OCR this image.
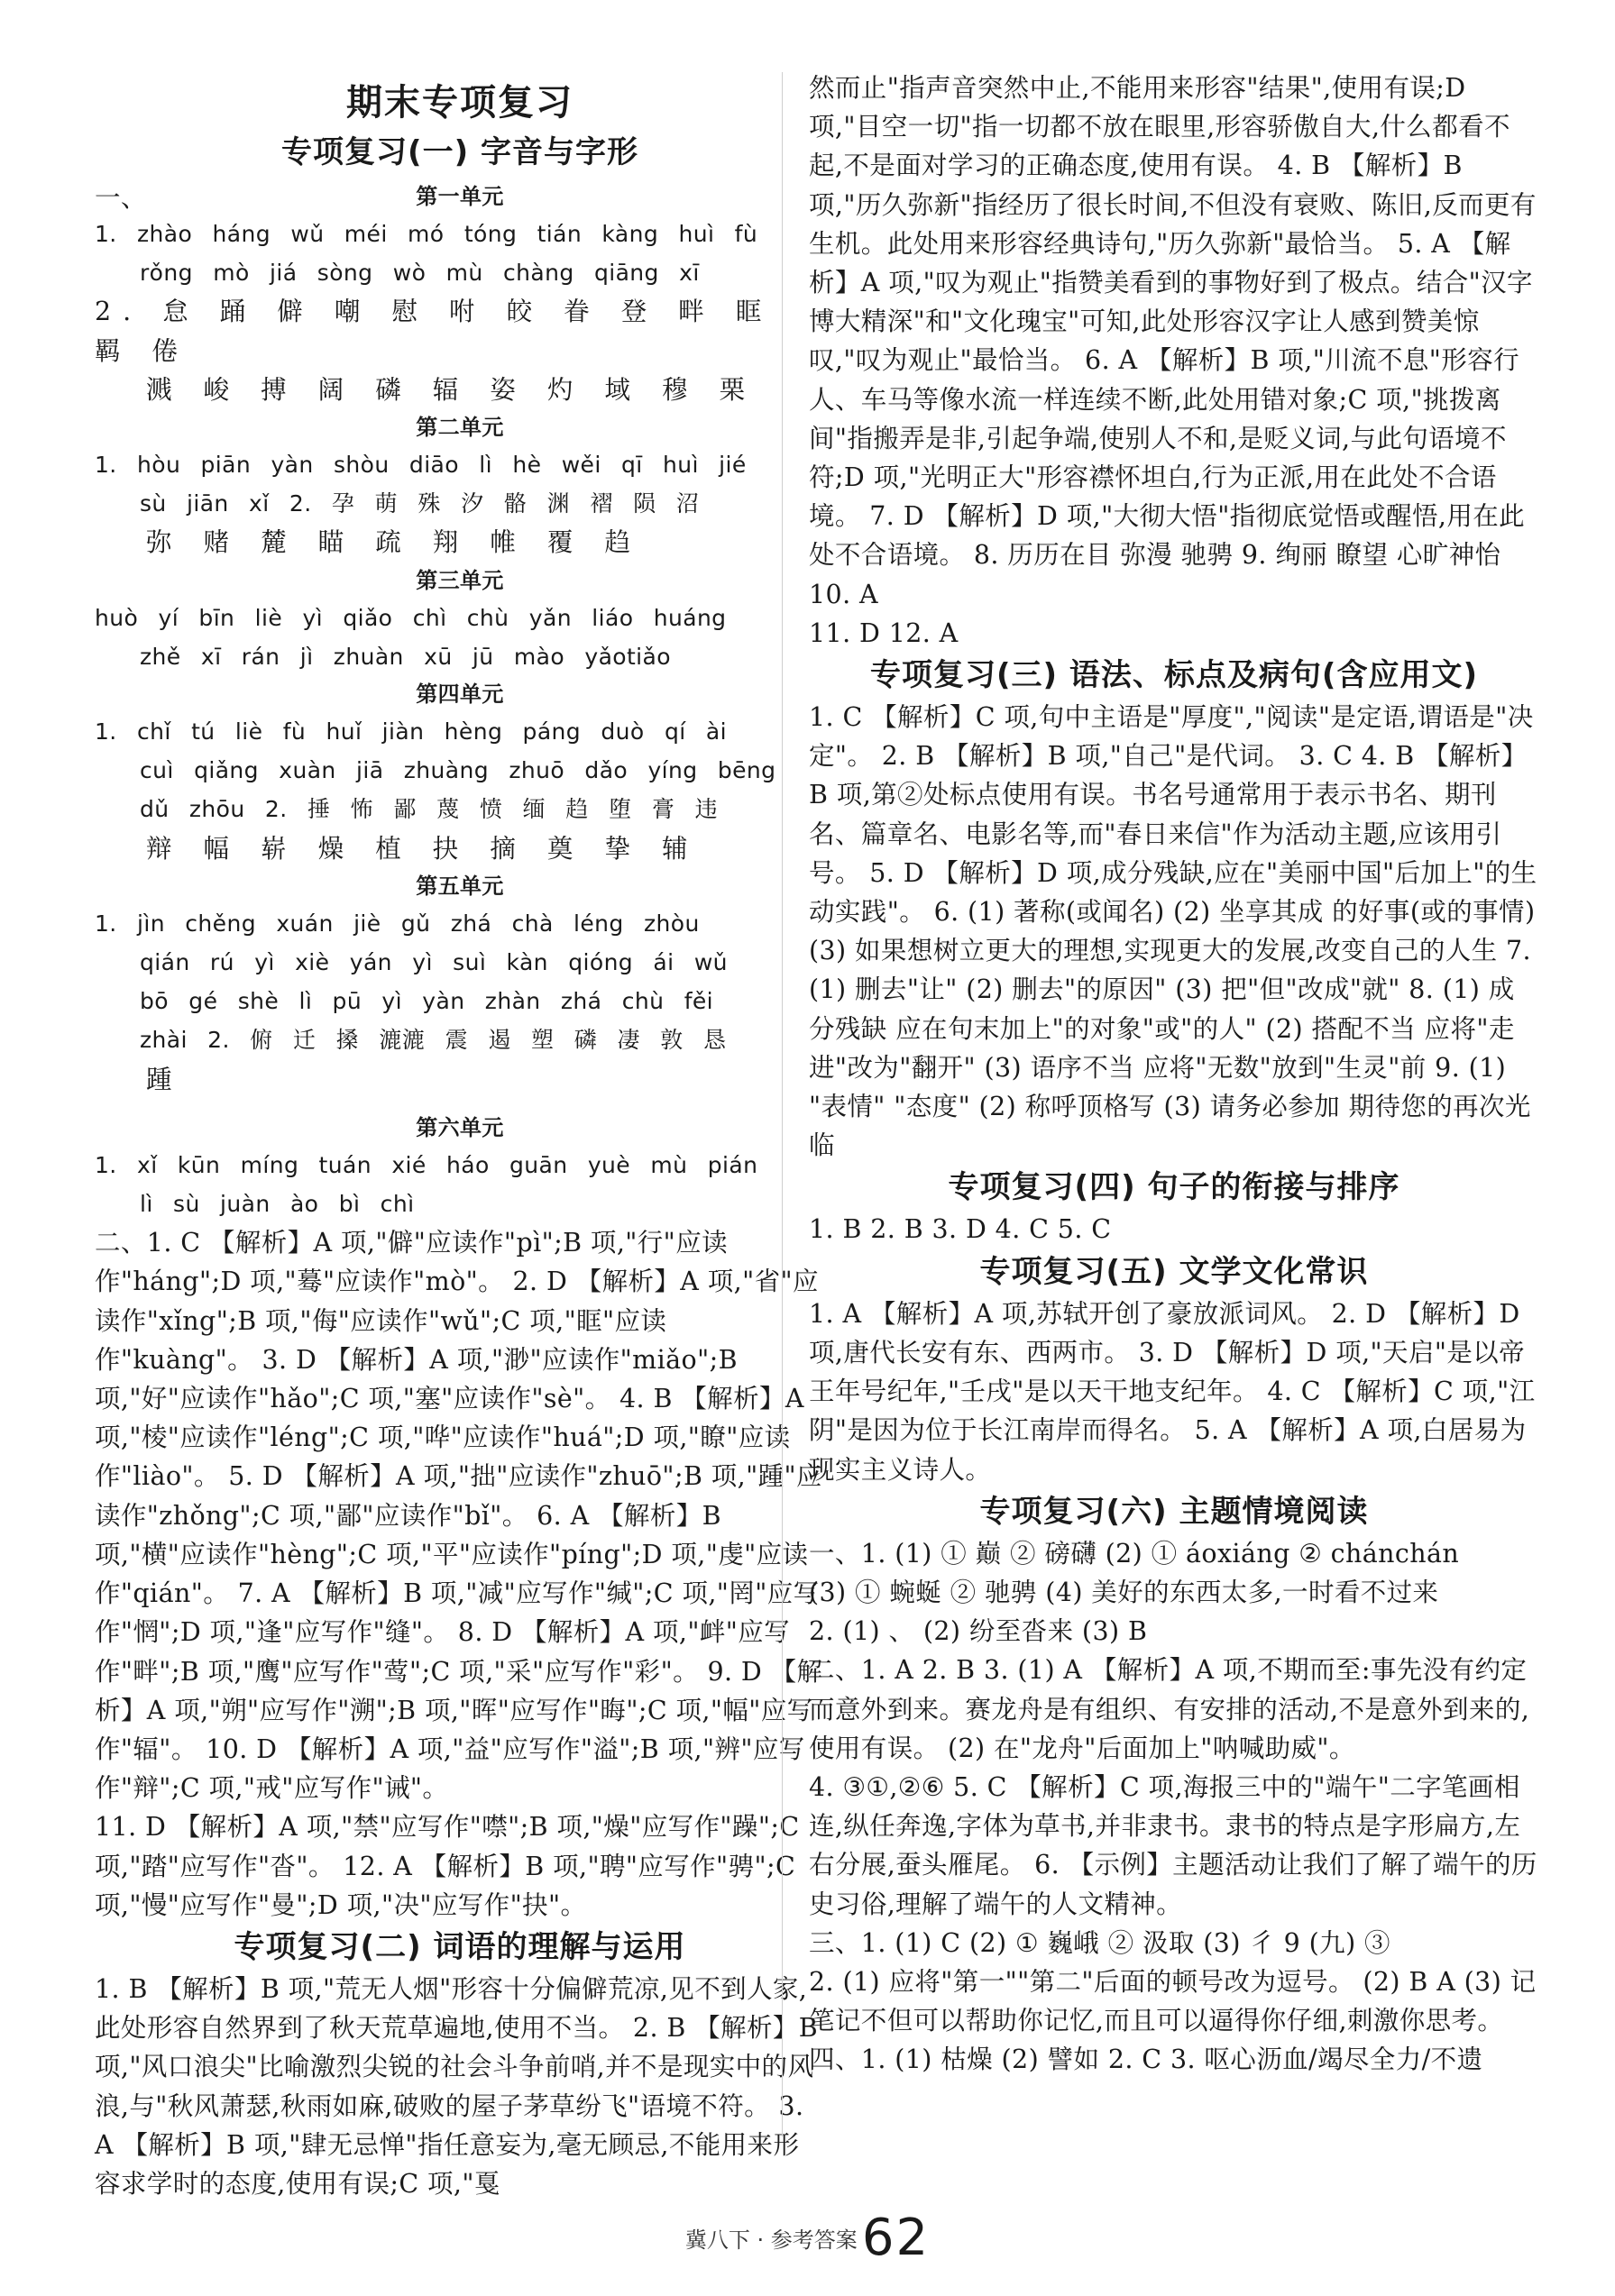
期末专项复习
专项复习(一) 字音与字形
第一单元
一、

1. zhào háng wǔ méi mó tóng tián kàng huì fù

rǒng mò jiá sòng wò mù chàng qiāng xī

2. 怠 踊 僻 嘲 慰 咐 皎 眷 登 畔 眶 羁 倦

溅 峻 搏 阔 磷 辐 姿 灼 域 穆 栗

第二单元

1. hòu piān yàn shòu diāo lì hè wěi qī huì jié

sù jiān xǐ 2. 孕 萌 殊 汐 骼 渊 褶 陨 沼

弥 赌 麓 瞄 疏 翔 帷 覆 趋

第三单元

huò yí bīn liè yì qiǎo chì chù yǎn liáo huáng

zhě xī rán jì zhuàn xū jū mào yǎotiǎo

第四单元

1. chǐ tú liè fù huǐ jiàn hèng páng duò qí ài

cuì qiǎng xuàn jiā zhuàng zhuō dǎo yíng bēng

dǔ zhōu 2. 捶 怖 鄙 蔑 愤 缅 趋 堕 膏 违

辩 幅 崭 燥 植 抉 摘 奠 挚 辅

第五单元

1. jìn chěng xuán jiè gǔ zhá chà léng zhòu

qián rú yì xiè yán yì suì kàn qióng ái wǔ

bō gé shè lì pū yì yàn zhàn zhá chù fěi

zhài 2. 俯 迁 搡 漉漉 震 遏 塑 磷 凄 敦 恳

踵

第六单元

1. xǐ kūn míng tuán xié háo guān yuè mù pián

lì sù juàn ào bì chì

二、1. C 【解析】A 项,"僻"应读作"pì";B 项,"行"应读作"háng";D 项,"蓦"应读作"mò"。 2. D 【解析】A 项,"省"应读作"xǐng";B 项,"侮"应读作"wǔ";C 项,"眶"应读作"kuàng"。 3. D 【解析】A 项,"渺"应读作"miǎo";B 项,"好"应读作"hǎo";C 项,"塞"应读作"sè"。 4. B 【解析】A 项,"棱"应读作"léng";C 项,"哗"应读作"huá";D 项,"瞭"应读作"liào"。 5. D 【解析】A 项,"拙"应读作"zhuō";B 项,"踵"应读作"zhǒng";C 项,"鄙"应读作"bǐ"。 6. A 【解析】B 项,"横"应读作"hèng";C 项,"平"应读作"píng";D 项,"虔"应读作"qián"。 7. A 【解析】B 项,"减"应写作"缄";C 项,"罔"应写作"惘";D 项,"逢"应写作"缝"。 8. D 【解析】A 项,"衅"应写作"畔";B 项,"鹰"应写作"莺";C 项,"采"应写作"彩"。 9. D 【解析】A 项,"朔"应写作"溯";B 项,"晖"应写作"晦";C 项,"幅"应写作"辐"。 10. D 【解析】A 项,"益"应写作"溢";B 项,"辨"应写作"辩";C 项,"戒"应写作"诫"。

11. D 【解析】A 项,"禁"应写作"噤";B 项,"燥"应写作"躁";C 项,"踏"应写作"沓"。 12. A 【解析】B 项,"聘"应写作"骋";C 项,"慢"应写作"曼";D 项,"决"应写作"抉"。

专项复习(二) 词语的理解与运用

1. B 【解析】B 项,"荒无人烟"形容十分偏僻荒凉,见不到人家,此处形容自然界到了秋天荒草遍地,使用不当。 2. B 【解析】B 项,"风口浪尖"比喻激烈尖锐的社会斗争前哨,并不是现实中的风浪,与"秋风萧瑟,秋雨如麻,破败的屋子茅草纷飞"语境不符。 3. A 【解析】B 项,"肆无忌惮"指任意妄为,毫无顾忌,不能用来形容求学时的态度,使用有误;C 项,"戛

然而止"指声音突然中止,不能用来形容"结果",使用有误;D 项,"目空一切"指一切都不放在眼里,形容骄傲自大,什么都看不起,不是面对学习的正确态度,使用有误。 4. B 【解析】B 项,"历久弥新"指经历了很长时间,不但没有衰败、陈旧,反而更有生机。此处用来形容经典诗句,"历久弥新"最恰当。 5. A 【解析】A 项,"叹为观止"指赞美看到的事物好到了极点。结合"汉字博大精深"和"文化瑰宝"可知,此处形容汉字让人感到赞美惊叹,"叹为观止"最恰当。 6. A 【解析】B 项,"川流不息"形容行人、车马等像水流一样连续不断,此处用错对象;C 项,"挑拨离间"指搬弄是非,引起争端,使别人不和,是贬义词,与此句语境不符;D 项,"光明正大"形容襟怀坦白,行为正派,用在此处不合语境。 7. D 【解析】D 项,"大彻大悟"指彻底觉悟或醒悟,用在此处不合语境。 8. 历历在目 弥漫 驰骋 9. 绚丽 瞭望 心旷神怡 10. A

11. D 12. A

专项复习(三) 语法、标点及病句(含应用文)

1. C 【解析】C 项,句中主语是"厚度","阅读"是定语,谓语是"决定"。 2. B 【解析】B 项,"自己"是代词。 3. C 4. B 【解析】B 项,第②处标点使用有误。书名号通常用于表示书名、期刊名、篇章名、电影名等,而"春日来信"作为活动主题,应该用引号。 5. D 【解析】D 项,成分残缺,应在"美丽中国"后加上"的生动实践"。 6. (1) 著称(或闻名) (2) 坐享其成 的好事(或的事情) (3) 如果想树立更大的理想,实现更大的发展,改变自己的人生 7. (1) 删去"让" (2) 删去"的原因" (3) 把"但"改成"就" 8. (1) 成分残缺 应在句末加上"的对象"或"的人" (2) 搭配不当 应将"走进"改为"翻开" (3) 语序不当 应将"无数"放到"生灵"前 9. (1) "表情" "态度" (2) 称呼顶格写 (3) 请务必参加 期待您的再次光临

专项复习(四) 句子的衔接与排序

1. B 2. B 3. D 4. C 5. C

专项复习(五) 文学文化常识

1. A 【解析】A 项,苏轼开创了豪放派词风。 2. D 【解析】D 项,唐代长安有东、西两市。 3. D 【解析】D 项,"天启"是以帝王年号纪年,"壬戌"是以天干地支纪年。 4. C 【解析】C 项,"江阴"是因为位于长江南岸而得名。 5. A 【解析】A 项,白居易为现实主义诗人。

专项复习(六) 主题情境阅读

一、1. (1) ① 巅 ② 磅礴 (2) ① áoxiáng ② chánchán

(3) ① 蜿蜒 ② 驰骋 (4) 美好的东西太多,一时看不过来

2. (1) 、 (2) 纷至沓来 (3) B

二、1. A 2. B 3. (1) A 【解析】A 项,不期而至:事先没有约定而意外到来。赛龙舟是有组织、有安排的活动,不是意外到来的,使用有误。 (2) 在"龙舟"后面加上"呐喊助威"。

4. ③①,②⑥ 5. C 【解析】C 项,海报三中的"端午"二字笔画相连,纵任奔逸,字体为草书,并非隶书。隶书的特点是字形扁方,左右分展,蚕头雁尾。 6. 【示例】主题活动让我们了解了端午的历史习俗,理解了端午的人文精神。

三、1. (1) C (2) ① 巍峨 ② 汲取 (3) 彳 9 (九) ③

2. (1) 应将"第一""第二"后面的顿号改为逗号。 (2) B A (3) 记笔记不但可以帮助你记忆,而且可以逼得你仔细,刺激你思考。

四、1. (1) 枯燥 (2) 譬如 2. C 3. 呕心沥血/竭尽全力/不遗

冀八下 · 参考答案 62
